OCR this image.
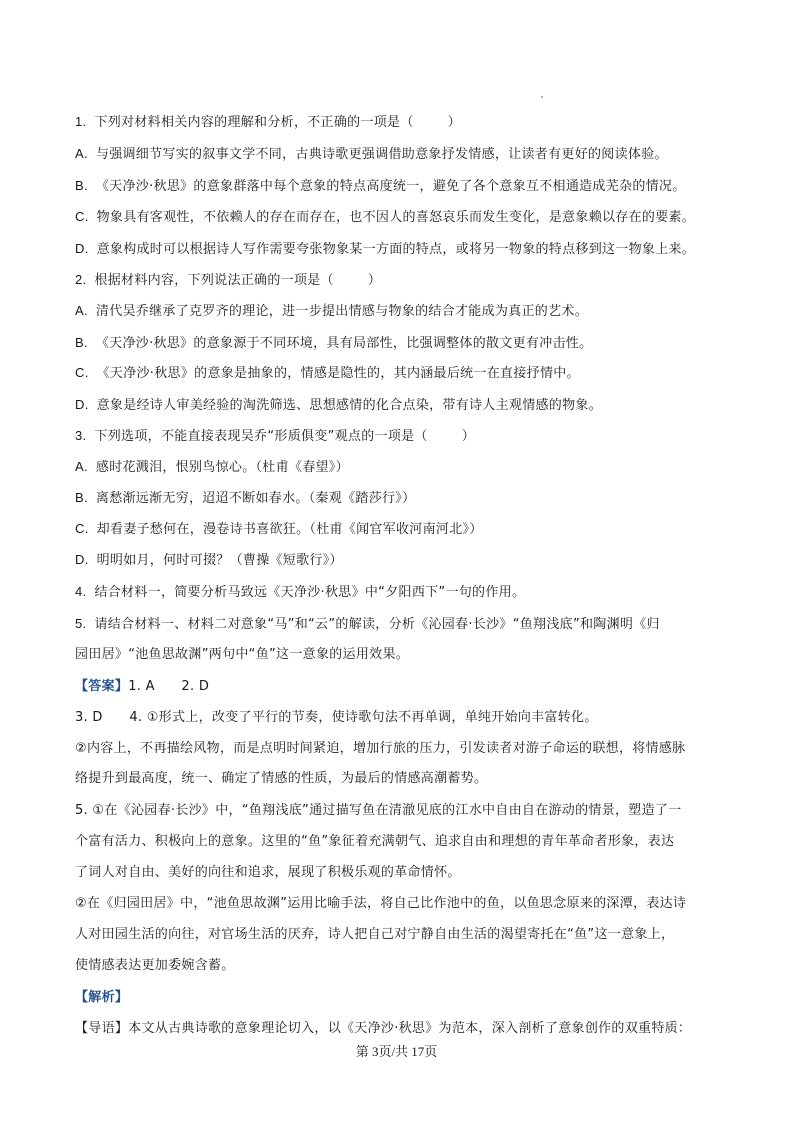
1. 下列对材料相关内容的理解和分析，不正确的一项是（	）
A. 与强调细节写实的叙事文学不同，古典诗歌更强调借助意象抒发情感，让读者有更好的阅读体验。
B. 《天净沙·秋思》的意象群落中每个意象的特点高度统一，避免了各个意象互不相通造成芜杂的情况。
C. 物象具有客观性，不依赖人的存在而存在，也不因人的喜怒哀乐而发生变化，是意象赖以存在的要素。
D. 意象构成时可以根据诗人写作需要夸张物象某一方面的特点，或将另一物象的特点移到这一物象上来。
2. 根据材料内容，下列说法正确的一项是（	）
A. 清代吴乔继承了克罗齐的理论，进一步提出情感与物象的结合才能成为真正的艺术。
B. 《天净沙·秋思》的意象源于不同环境，具有局部性，比强调整体的散文更有冲击性。
C. 《天净沙·秋思》的意象是抽象的，情感是隐性的，其内涵最后统一在直接抒情中。
D. 意象是经诗人审美经验的淘洗筛选、思想感情的化合点染，带有诗人主观情感的物象。
3. 下列选项，不能直接表现吴乔“形质俱变”观点的一项是（	）
A. 感时花溅泪，恨别鸟惊心。（杜甫《春望》）
B. 离愁渐远渐无穷，迢迢不断如春水。（秦观《踏莎行》）
C. 却看妻子愁何在，漫卷诗书喜欲狂。（杜甫《闻官军收河南河北》）
D. 明明如月，何时可掇？（曹操《短歌行》）
4. 结合材料一，简要分析马致远《天净沙·秋思》中“夕阳西下”一句的作用。
5. 请结合材料一、材料二对意象“马”和“云”的解读，分析《沁园春·长沙》“鱼翔浅底”和陶渊明《归
园田居》“池鱼思故渊”两句中“鱼”这一意象的运用效果。
【答案】1. A　　2. D
3. D　　4. ①形式上，改变了平行的节奏，使诗歌句法不再单调，单纯开始向丰富转化。
②内容上，不再描绘风物，而是点明时间紧迫，增加行旅的压力，引发读者对游子命运的联想，将情感脉
络提升到最高度，统一、确定了情感的性质，为最后的情感高潮蓄势。
5. ①在《沁园春·长沙》中，“鱼翔浅底”通过描写鱼在清澈见底的江水中自由自在游动的情景，塑造了一
个富有活力、积极向上的意象。这里的“鱼”象征着充满朝气、追求自由和理想的青年革命者形象，表达
了词人对自由、美好的向往和追求，展现了积极乐观的革命情怀。
②在《归园田居》中，“池鱼思故渊”运用比喻手法，将自己比作池中的鱼，以鱼思念原来的深潭，表达诗
人对田园生活的向往，对官场生活的厌弃，诗人把自己对宁静自由生活的渴望寄托在“鱼”这一意象上，
使情感表达更加委婉含蓄。
【解析】
【导语】本文从古典诗歌的意象理论切入，以《天净沙·秋思》为范本，深入剖析了意象创作的双重特质：
第 3页/共 17页
